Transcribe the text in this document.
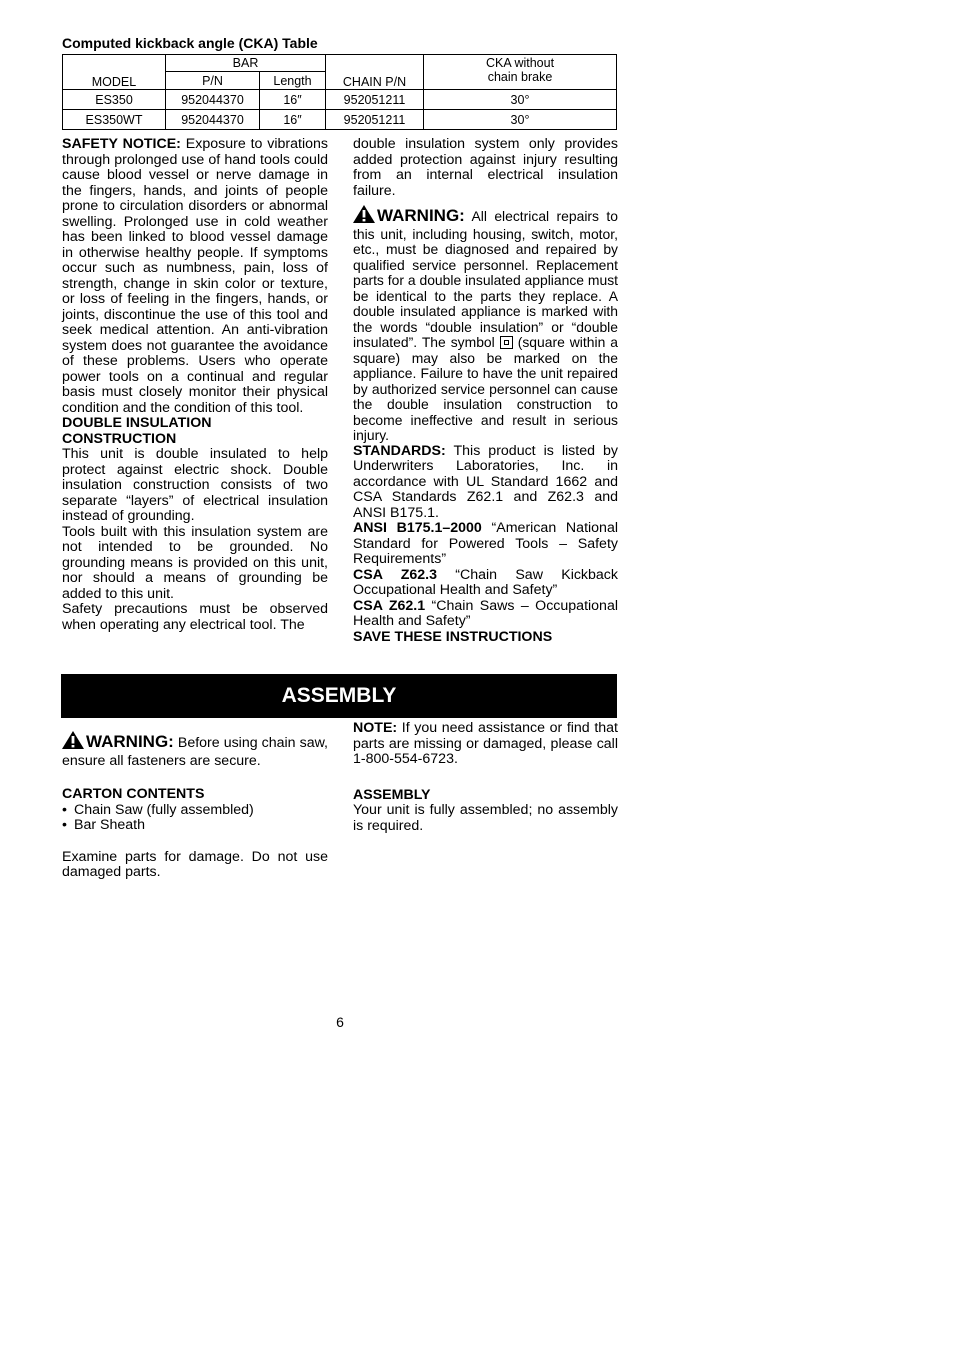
Computed kickback angle (CKA) Table
MODEL	BAR		CHAIN P/N	CKA without
chain brake

	P/N	Length		
ES350	952044370	16″	952051211	30°
ES350WT	952044370	16″	952051211	30°

SAFETY NOTICE: Exposure to vibrations through prolonged use of hand tools could cause blood vessel or nerve damage in the fingers, hands, and joints of people prone to circulation disorders or abnormal swelling. Prolonged use in cold weather has been linked to blood vessel damage in otherwise healthy people. If symptoms occur such as numbness, pain, loss of strength, change in skin color or texture, or loss of feeling in the fingers, hands, or joints, discontinue the use of this tool and seek medical attention. An anti-vibration system does not guarantee the avoidance of these problems. Users who operate power tools on a continual and regular basis must closely monitor their physical condition and the condition of this tool.

DOUBLE INSULATION CONSTRUCTION

This unit is double insulated to help protect against electric shock. Double insulation construction consists of two separate “layers” of electrical insulation instead of grounding.

Tools built with this insulation system are not intended to be grounded. No grounding means is provided on this unit, nor should a means of grounding be added to this unit.

Safety precautions must be observed when operating any electrical tool. The

double insulation system only provides added protection against injury resulting from an internal electrical insulation failure.

WARNING: All electrical repairs to this unit, including housing, switch, motor, etc., must be diagnosed and repaired by qualified service personnel. Replacement parts for a double insulated appliance must be identical to the parts they replace. A double insulated appliance is marked with the words “double insulation” or “double insulated”. The symbol  (square within a square) may also be marked on the appliance. Failure to have the unit repaired by authorized service personnel can cause the double insulation construction to become ineffective and result in serious injury.

STANDARDS: This product is listed by Underwriters Laboratories, Inc. in accordance with UL Standard 1662 and CSA Standards Z62.1 and Z62.3 and ANSI B175.1.

ANSI B175.1–2000 “American National Standard for Powered Tools – Safety Requirements”

CSA Z62.3 “Chain Saw Kickback Occupational Health and Safety”

CSA Z62.1 “Chain Saws – Occupational Health and Safety”

SAVE THESE INSTRUCTIONS

ASSEMBLY

WARNING: Before using chain saw, ensure all fasteners are secure.

CARTON CONTENTS

• Chain Saw (fully assembled)
• Bar Sheath

Examine parts for damage. Do not use damaged parts.

NOTE: If you need assistance or find that parts are missing or damaged, please call 1-800-554-6723.

ASSEMBLY

Your unit is fully assembled; no assembly is required.

6
